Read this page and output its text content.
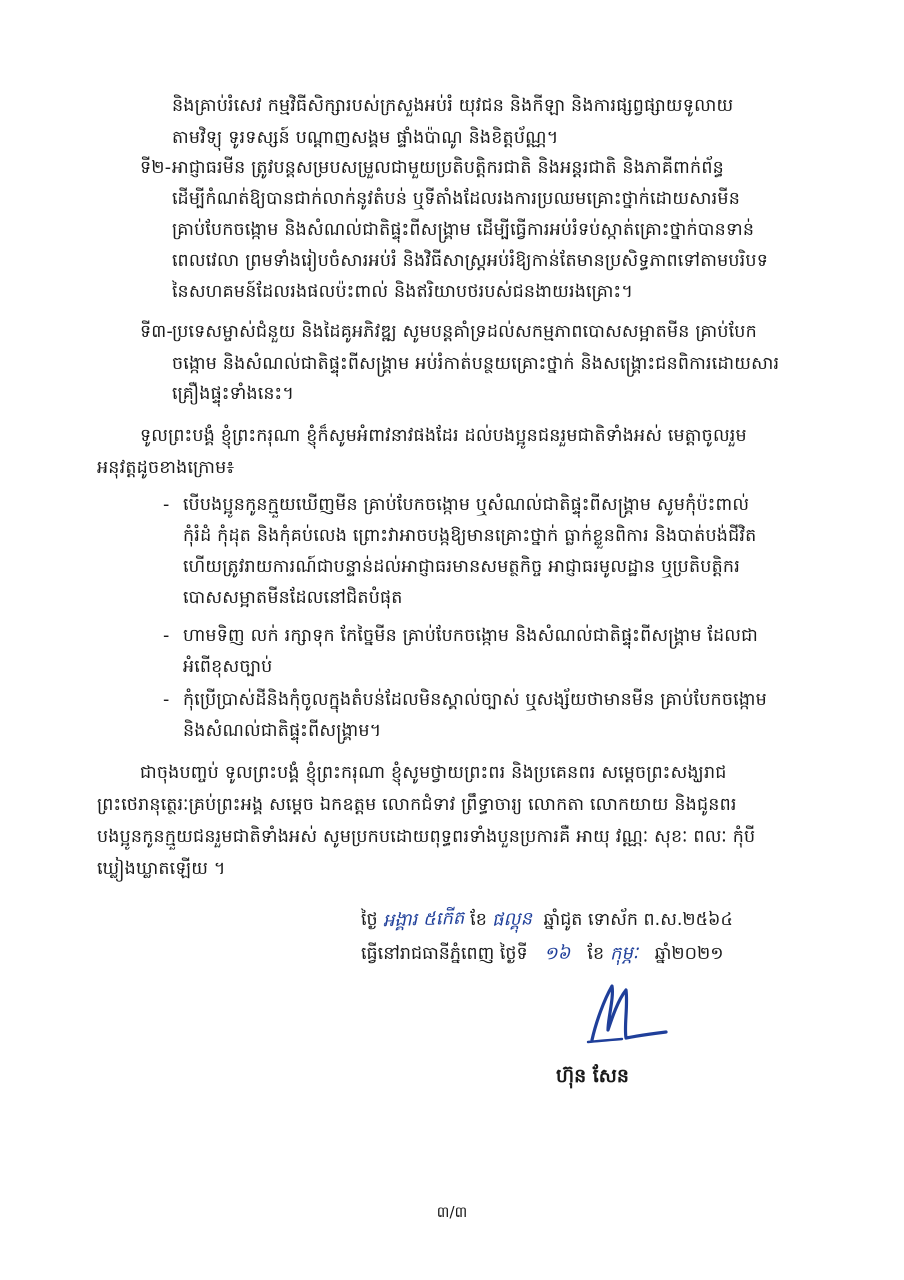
និងគ្រាប់រំសេវ កម្មវិធីសិក្សារបស់ក្រសួងអប់រំ យុវជន និងកីឡា និងការផ្សព្វផ្សាយទូលាយ
តាមវិទ្យុ ទូរទស្សន៍ បណ្ដាញសង្គម ផ្ទាំងប៉ាណូ និងខិត្តប័ណ្ណ។
ទី២- អាជ្ញាធរមីន ត្រូវបន្តសម្របសម្រួលជាមួយប្រតិបត្តិករជាតិ និងអន្តរជាតិ និងភាគីពាក់ព័ន្ធ
ដើម្បីកំណត់ឱ្យបានជាក់លាក់នូវតំបន់ ឬទីតាំងដែលរងការប្រឈមគ្រោះថ្នាក់ដោយសារមីន
គ្រាប់បែកចង្កោម និងសំណល់ជាតិផ្ទុះពីសង្គ្រាម ដើម្បីធ្វើការអប់រំទប់ស្កាត់គ្រោះថ្នាក់បានទាន់
ពេលវេលា ព្រមទាំងរៀបចំសារអប់រំ និងវិធីសាស្រ្តអប់រំឱ្យកាន់តែមានប្រសិទ្ធភាពទៅតាមបរិបទ
នៃសហគមន៍ដែលរងផលប៉ះពាល់ និងឥរិយាបថរបស់ជនងាយរងគ្រោះ។
ទី៣- ប្រទេសម្ចាស់ជំនួយ និងដៃគូអភិវឌ្ឍ សូមបន្តគាំទ្រដល់សកម្មភាពបោសសម្អាតមីន គ្រាប់បែក
ចង្កោម និងសំណល់ជាតិផ្ទុះពីសង្គ្រាម អប់រំកាត់បន្ថយគ្រោះថ្នាក់ និងសង្គ្រោះជនពិការដោយសារ
គ្រឿងផ្ទុះទាំងនេះ។
ទូលព្រះបង្គំ ខ្ញុំព្រះករុណា ខ្ញុំក៏សូមអំពាវនាវផងដែរ ដល់បងប្អូនជនរួមជាតិទាំងអស់ មេត្តាចូលរួម
អនុវត្តដូចខាងក្រោម៖
- បើបងប្អូនកូនក្មួយឃើញមីន គ្រាប់បែកចង្កោម ឬសំណល់ជាតិផ្ទុះពីសង្គ្រាម សូមកុំប៉ះពាល់
កុំរំដំ កុំដុត និងកុំគប់លេង ព្រោះវាអាចបង្កឱ្យមានគ្រោះថ្នាក់ ធ្លាក់ខ្លួនពិការ និងបាត់បង់ជីវិត
ហើយត្រូវរាយការណ៍ជាបន្ទាន់ដល់អាជ្ញាធរមានសមត្ថកិច្ច អាជ្ញាធរមូលដ្ឋាន ឬប្រតិបត្តិករ
បោសសម្អាតមីនដែលនៅជិតបំផុត
- ហាមទិញ លក់ រក្សាទុក កែច្នៃមីន គ្រាប់បែកចង្កោម និងសំណល់ជាតិផ្ទុះពីសង្គ្រាម ដែលជា
អំពើខុសច្បាប់
- កុំប្រើប្រាស់ដីនិងកុំចូលក្នុងតំបន់ដែលមិនស្គាល់ច្បាស់ ឬសង្ស័យថាមានមីន គ្រាប់បែកចង្កោម
និងសំណល់ជាតិផ្ទុះពីសង្គ្រាម។
ជាចុងបញ្ចប់ ទូលព្រះបង្គំ ខ្ញុំព្រះករុណា ខ្ញុំសូមថ្វាយព្រះពរ និងប្រគេនពរ សម្តេចព្រះសង្ឃរាជ
ព្រះថេរានុត្ថេរៈគ្រប់ព្រះអង្គ សម្តេច ឯកឧត្តម លោកជំទាវ ព្រឹទ្ធាចារ្យ លោកតា លោកយាយ និងជូនពរ
បងប្អូនកូនក្មួយជនរួមជាតិទាំងអស់ សូមប្រកបដោយពុទ្ធពរទាំងបួនប្រការគឺ អាយុ វណ្ណៈ សុខៈ ពលៈ កុំបី
ឃ្លៀងឃ្លាតឡើយ ។
ថ្ងៃ អង្គារ ៥កើត ខែ ផល្គុន ឆ្នាំជូត ទោស័ក ព.ស.២៥៦៤
ធ្វើនៅរាជធានីភ្នំពេញ ថ្ងៃទី ១៦ ខែ កុម្ភៈ ឆ្នាំ២០២១
ហ៊ុន សែន
៣/៣
